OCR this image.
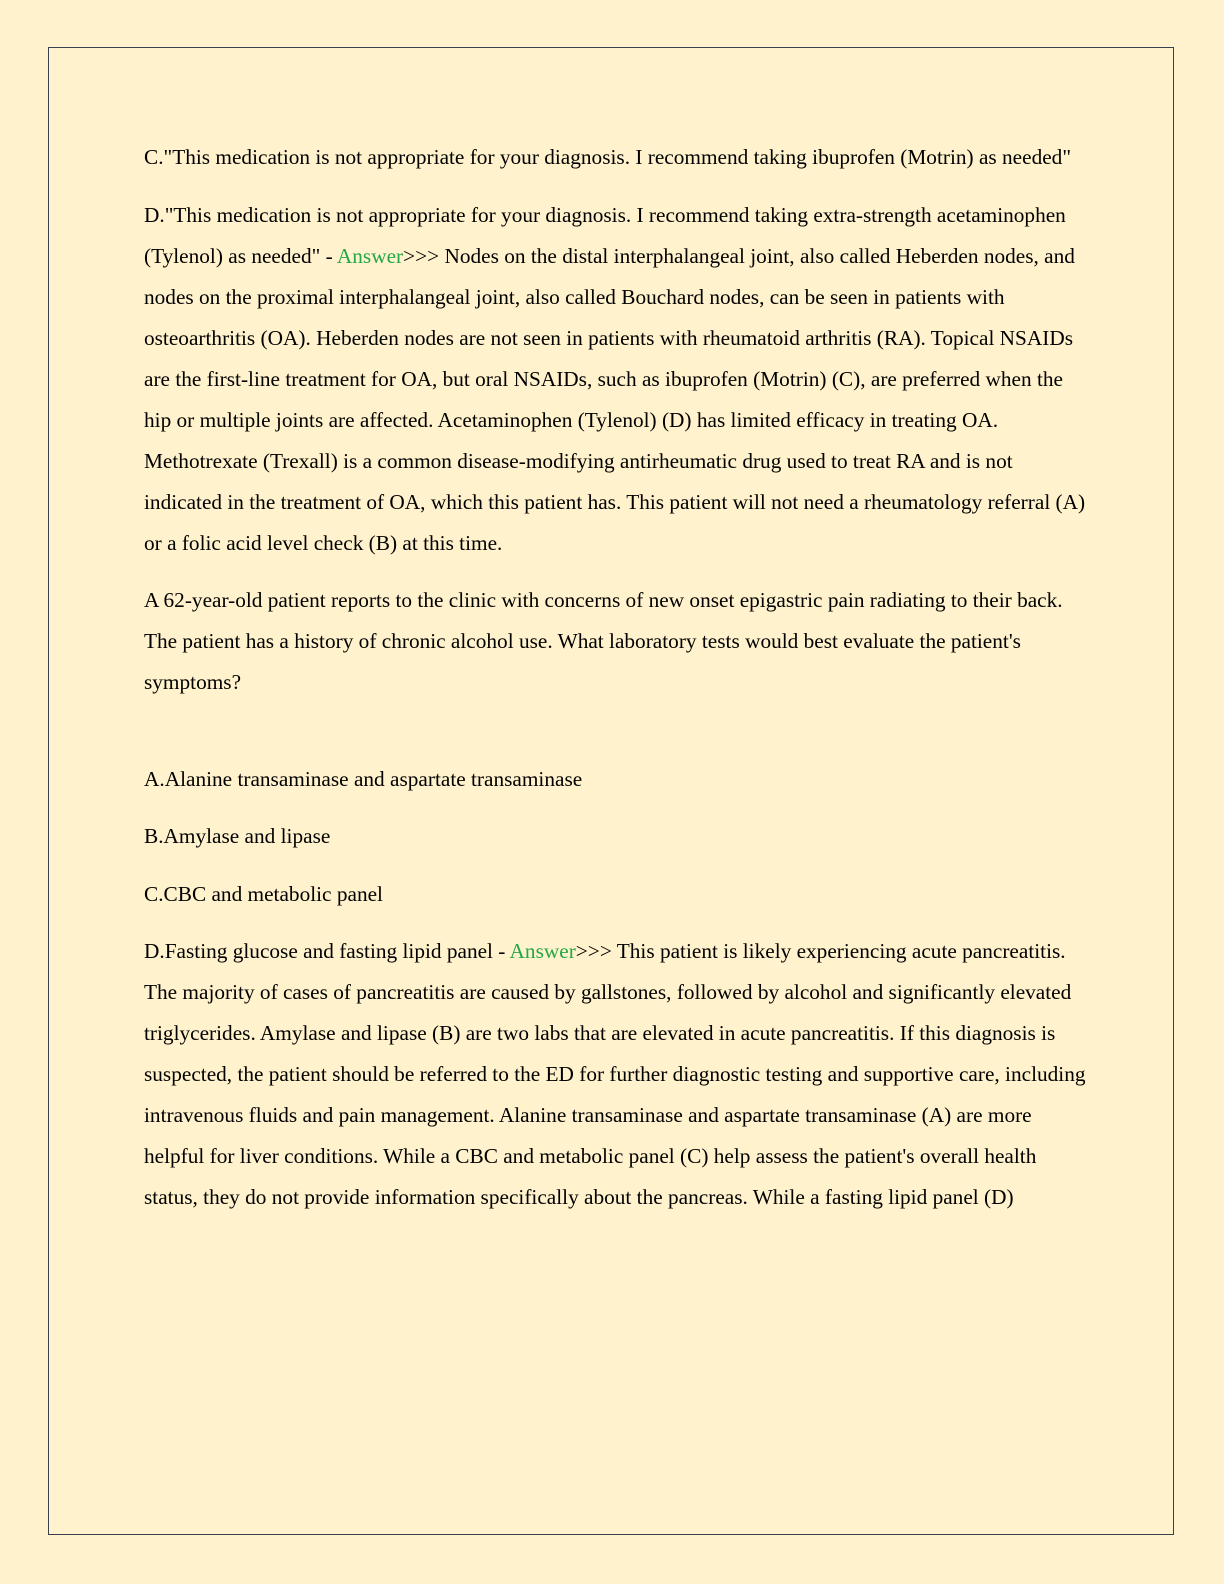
C."This medication is not appropriate for your diagnosis. I recommend taking ibuprofen (Motrin) as needed"

D."This medication is not appropriate for your diagnosis. I recommend taking extra-strength acetaminophen (Tylenol) as needed" - Answer>>> Nodes on the distal interphalangeal joint, also called Heberden nodes, and nodes on the proximal interphalangeal joint, also called Bouchard nodes, can be seen in patients with osteoarthritis (OA). Heberden nodes are not seen in patients with rheumatoid arthritis (RA). Topical NSAIDs are the first-line treatment for OA, but oral NSAIDs, such as ibuprofen (Motrin) (C), are preferred when the hip or multiple joints are affected. Acetaminophen (Tylenol) (D) has limited efficacy in treating OA. Methotrexate (Trexall) is a common disease-modifying antirheumatic drug used to treat RA and is not indicated in the treatment of OA, which this patient has. This patient will not need a rheumatology referral (A) or a folic acid level check (B) at this time.

A 62-year-old patient reports to the clinic with concerns of new onset epigastric pain radiating to their back. The patient has a history of chronic alcohol use. What laboratory tests would best evaluate the patient's symptoms?

A.Alanine transaminase and aspartate transaminase

B.Amylase and lipase

C.CBC and metabolic panel

D.Fasting glucose and fasting lipid panel - Answer>>> This patient is likely experiencing acute pancreatitis. The majority of cases of pancreatitis are caused by gallstones, followed by alcohol and significantly elevated triglycerides. Amylase and lipase (B) are two labs that are elevated in acute pancreatitis. If this diagnosis is suspected, the patient should be referred to the ED for further diagnostic testing and supportive care, including intravenous fluids and pain management. Alanine transaminase and aspartate transaminase (A) are more helpful for liver conditions. While a CBC and metabolic panel (C) help assess the patient's overall health status, they do not provide information specifically about the pancreas. While a fasting lipid panel (D)
